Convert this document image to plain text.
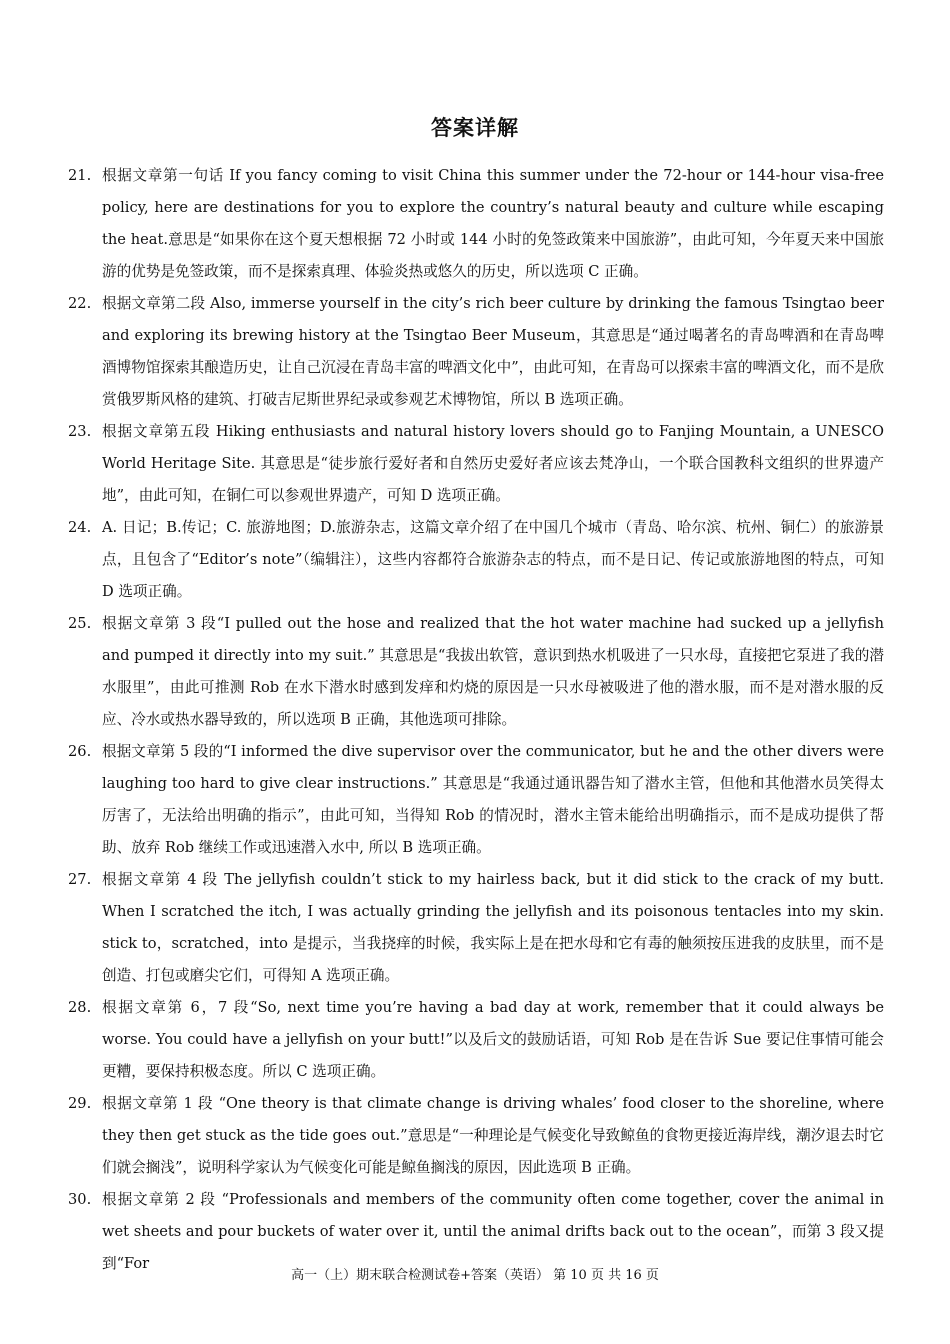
答案详解
21. 根据文章第一句话 If you fancy coming to visit China this summer under the 72-hour or 144-hour visa-free policy, here are destinations for you to explore the country’s natural beauty and culture while escaping the heat.意思是“如果你在这个夏天想根据 72 小时或 144 小时的免签政策来中国旅游”，由此可知，今年夏天来中国旅游的优势是免签政策，而不是探索真理、体验炎热或悠久的历史，所以选项 C 正确。
22. 根据文章第二段 Also, immerse yourself in the city’s rich beer culture by drinking the famous Tsingtao beer and exploring its brewing history at the Tsingtao Beer Museum，其意思是“通过喝著名的青岛啤酒和在青岛啤酒博物馆探索其酿造历史，让自己沉浸在青岛丰富的啤酒文化中”，由此可知，在青岛可以探索丰富的啤酒文化，而不是欣赏俄罗斯风格的建筑、打破吉尼斯世界纪录或参观艺术博物馆，所以 B 选项正确。
23. 根据文章第五段 Hiking enthusiasts and natural history lovers should go to Fanjing Mountain, a UNESCO World Heritage Site. 其意思是“徒步旅行爱好者和自然历史爱好者应该去梵净山，一个联合国教科文组织的世界遗产地”，由此可知，在铜仁可以参观世界遗产，可知 D 选项正确。
24. A. 日记；B.传记；C. 旅游地图；D.旅游杂志，这篇文章介绍了在中国几个城市（青岛、哈尔滨、杭州、铜仁）的旅游景点，且包含了“Editor’s note”（编辑注），这些内容都符合旅游杂志的特点，而不是日记、传记或旅游地图的特点，可知 D 选项正确。
25. 根据文章第 3 段“I pulled out the hose and realized that the hot water machine had sucked up a jellyfish and pumped it directly into my suit.” 其意思是“我拔出软管，意识到热水机吸进了一只水母，直接把它泵进了我的潜水服里”，由此可推测 Rob 在水下潜水时感到发痒和灼烧的原因是一只水母被吸进了他的潜水服，而不是对潜水服的反应、冷水或热水器导致的，所以选项 B 正确，其他选项可排除。
26. 根据文章第 5 段的“I informed the dive supervisor over the communicator, but he and the other divers were laughing too hard to give clear instructions.” 其意思是“我通过通讯器告知了潜水主管，但他和其他潜水员笑得太厉害了，无法给出明确的指示”，由此可知，当得知 Rob 的情况时，潜水主管未能给出明确指示，而不是成功提供了帮助、放弃 Rob 继续工作或迅速潜入水中, 所以 B 选项正确。
27. 根据文章第 4 段 The jellyfish couldn’t stick to my hairless back, but it did stick to the crack of my butt. When I scratched the itch, I was actually grinding the jellyfish and its poisonous tentacles into my skin. stick to，scratched，into 是提示，当我挠痒的时候，我实际上是在把水母和它有毒的触须按压进我的皮肤里，而不是创造、打包或磨尖它们，可得知 A 选项正确。
28. 根据文章第 6，7 段“So, next time you’re having a bad day at work, remember that it could always be worse. You could have a jellyfish on your butt!”以及后文的鼓励话语，可知 Rob 是在告诉 Sue 要记住事情可能会更糟，要保持积极态度。所以 C 选项正确。
29. 根据文章第 1 段 “One theory is that climate change is driving whales’ food closer to the shoreline, where they then get stuck as the tide goes out.”意思是“一种理论是气候变化导致鲸鱼的食物更接近海岸线，潮汐退去时它们就会搁浅”，说明科学家认为气候变化可能是鲸鱼搁浅的原因，因此选项 B 正确。
30. 根据文章第 2 段 “Professionals and members of the community often come together, cover the animal in wet sheets and pour buckets of water over it, until the animal drifts back out to the ocean”，而第 3 段又提到“For
高一（上）期末联合检测试卷+答案（英语） 第 10 页 共 16 页
